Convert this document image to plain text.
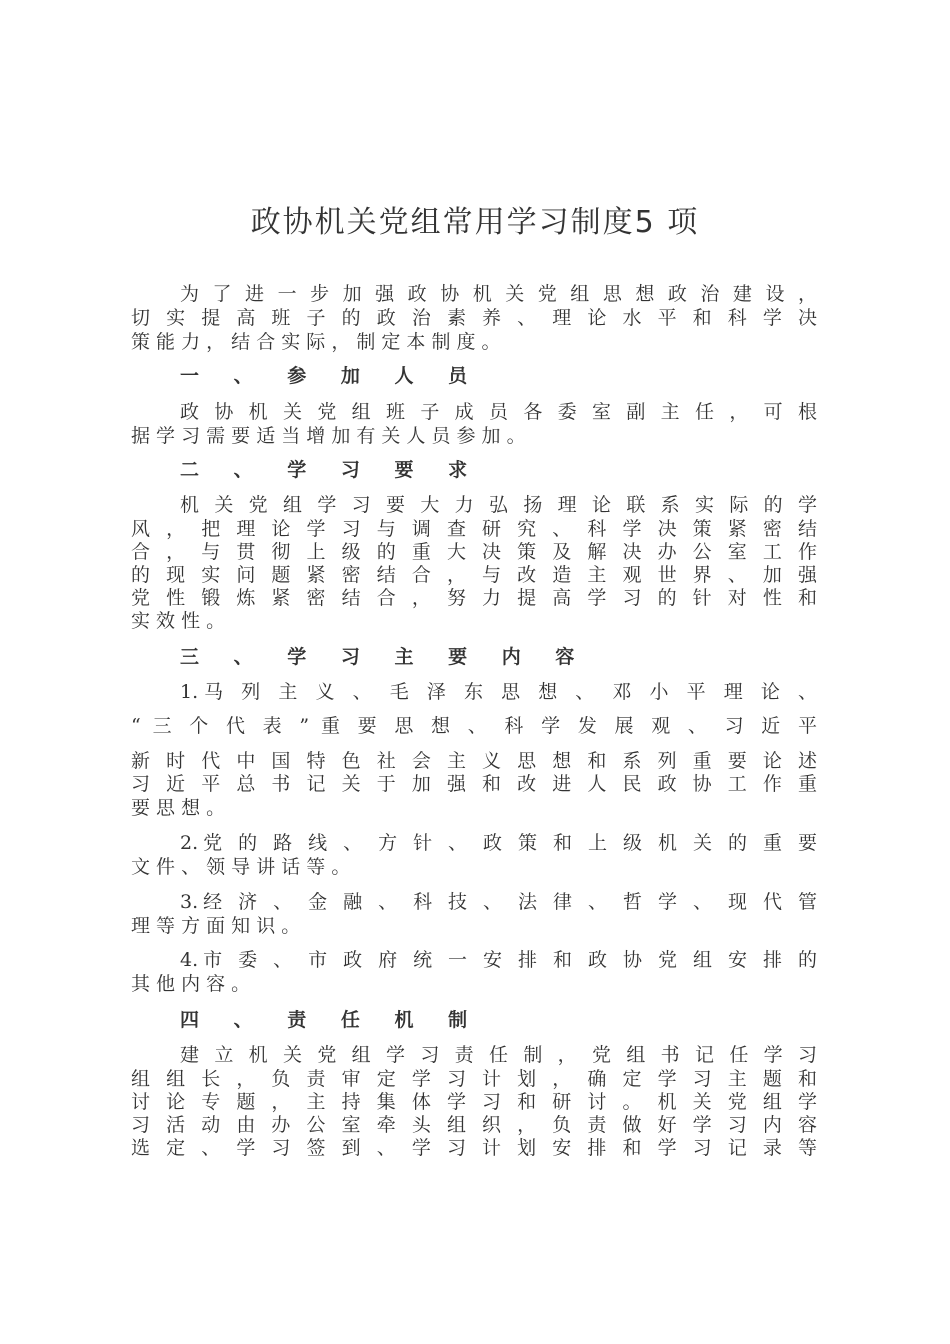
政协机关党组常用学习制度5 项
为 了 进 一 步 加 强 政 协 机 关 党 组 思 想 政 治 建 设 ，
切 实 提 高 班 子 的 政 治 素 养 、 理 论 水 平 和 科 学 决
策 能 力 ， 结 合 实 际 ， 制 定 本 制 度 。
一 、 参 加 人 员
政 协 机 关 党 组 班 子 成 员 各 委 室 副 主 任 ， 可 根
据 学 习 需 要 适 当 增 加 有 关 人 员 参 加 。
二 、 学 习 要 求
机 关 党 组 学 习 要 大 力 弘 扬 理 论 联 系 实 际 的 学
风 ， 把 理 论 学 习 与 调 查 研 究 、 科 学 决 策 紧 密 结
合 ， 与 贯 彻 上 级 的 重 大 决 策 及 解 决 办 公 室 工 作
的 现 实 问 题 紧 密 结 合 ， 与 改 造 主 观 世 界 、 加 强
党 性 锻 炼 紧 密 结 合 ， 努 力 提 高 学 习 的 针 对 性 和
实 效 性 。
三 、 学 习 主 要 内 容
1.马 列 主 义 、 毛 泽 东 思 想 、 邓 小 平 理 论 、
“ 三 个 代 表 ” 重 要 思 想 、 科 学 发 展 观 、 习 近 平
新 时 代 中 国 特 色 社 会 主 义 思 想 和 系 列 重 要 论 述
习 近 平 总 书 记 关 于 加 强 和 改 进 人 民 政 协 工 作 重
要 思 想 。
2.党 的 路 线 、 方 针 、 政 策 和 上 级 机 关 的 重 要
文 件 、 领 导 讲 话 等 。
3.经 济 、 金 融 、 科 技 、 法 律 、 哲 学 、 现 代 管
理 等 方 面 知 识 。
4.市 委 、 市 政 府 统 一 安 排 和 政 协 党 组 安 排 的
其 他 内 容 。
四 、 责 任 机 制
建 立 机 关 党 组 学 习 责 任 制 ， 党 组 书 记 任 学 习
组 组 长 ， 负 责 审 定 学 习 计 划 ， 确 定 学 习 主 题 和
讨 论 专 题 ， 主 持 集 体 学 习 和 研 讨 。 机 关 党 组 学
习 活 动 由 办 公 室 牵 头 组 织 ， 负 责 做 好 学 习 内 容
选 定 、 学 习 签 到 、 学 习 计 划 安 排 和 学 习 记 录 等
